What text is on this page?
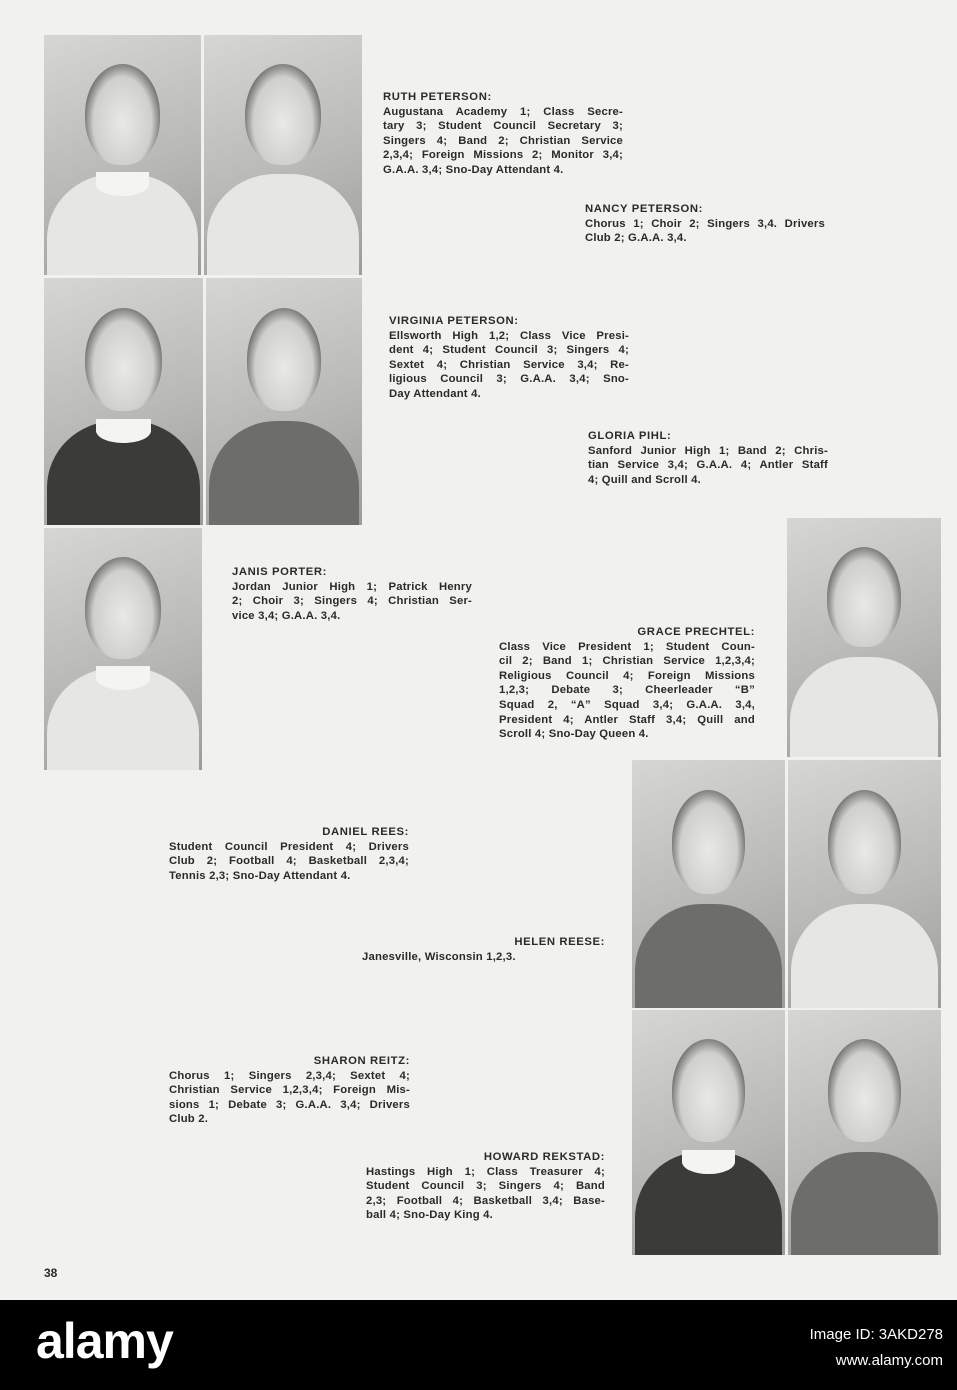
RUTH PETERSON:
Augustana Academy 1; Class Secre-
tary 3; Student Council Secretary 3;
Singers 4; Band 2; Christian Service
2,3,4; Foreign Missions 2; Monitor 3,4;
G.A.A. 3,4; Sno-Day Attendant 4.
NANCY PETERSON:
Chorus 1; Choir 2; Singers 3,4. Drivers
Club 2; G.A.A. 3,4.
VIRGINIA PETERSON:
Ellsworth High 1,2; Class Vice Presi-
dent 4; Student Council 3; Singers 4;
Sextet 4; Christian Service 3,4; Re-
ligious Council 3; G.A.A. 3,4; Sno-
Day Attendant 4.
GLORIA PIHL:
Sanford Junior High 1; Band 2; Chris-
tian Service 3,4; G.A.A. 4; Antler Staff
4; Quill and Scroll 4.
JANIS PORTER:
Jordan Junior High 1; Patrick Henry
2; Choir 3; Singers 4; Christian Ser-
vice 3,4; G.A.A. 3,4.
GRACE PRECHTEL:
Class Vice President 1; Student Coun-
cil 2; Band 1; Christian Service 1,2,3,4;
Religious Council 4; Foreign Missions
1,2,3; Debate 3; Cheerleader “B”
Squad 2, “A” Squad 3,4; G.A.A. 3,4,
President 4; Antler Staff 3,4; Quill and
Scroll 4; Sno-Day Queen 4.
DANIEL REES:
Student Council President 4; Drivers
Club 2; Football 4; Basketball 2,3,4;
Tennis 2,3; Sno-Day Attendant 4.
HELEN REESE:
Janesville, Wisconsin 1,2,3.
SHARON REITZ:
Chorus 1; Singers 2,3,4; Sextet 4;
Christian Service 1,2,3,4; Foreign Mis-
sions 1; Debate 3; G.A.A. 3,4; Drivers
Club 2.
HOWARD REKSTAD:
Hastings High 1; Class Treasurer 4;
Student Council 3; Singers 4; Band
2,3; Football 4; Basketball 3,4; Base-
ball 4; Sno-Day King 4.
38
alamy	Image ID: 3AKD278
www.alamy.com
